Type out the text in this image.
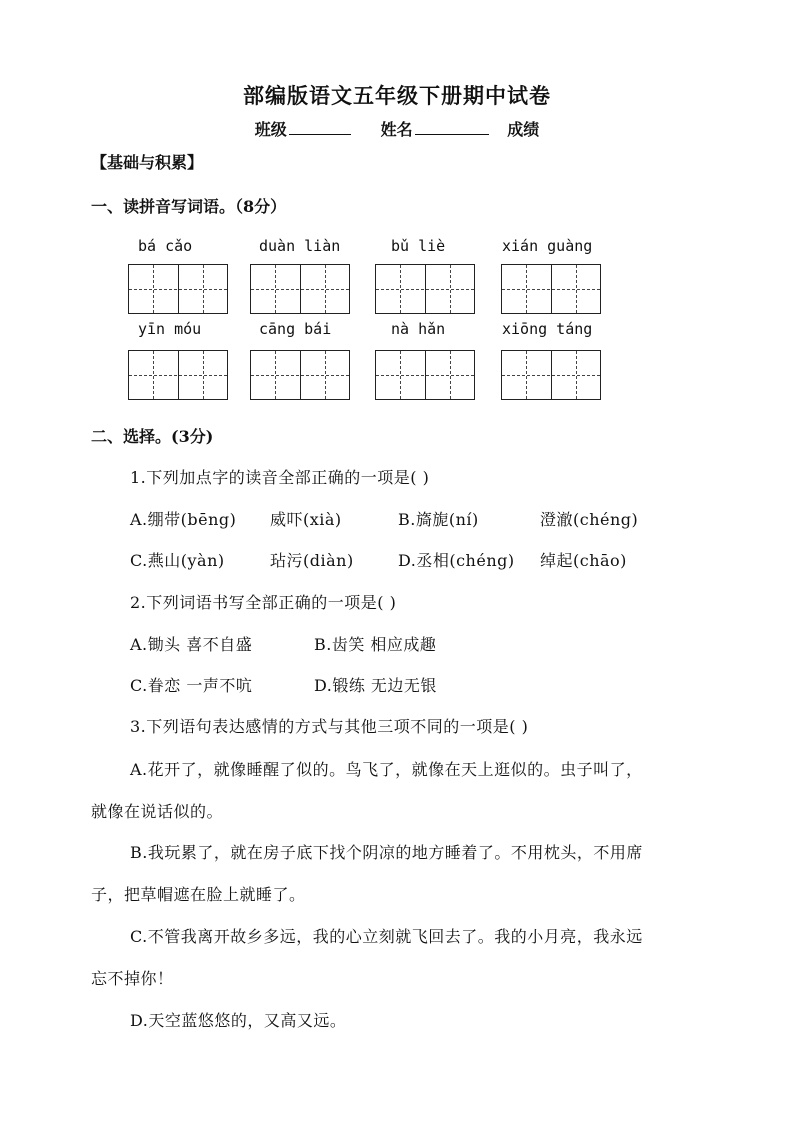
部编版语文五年级下册期中试卷
班级	姓名	成绩
【基础与积累】
一、读拼音写词语。（8分）
bá cǎo	duàn liàn	bǔ liè	xián guàng
yīn móu	cāng bái	nà hǎn	xiōng táng
二、选择。(3分)
1.下列加点字的读音全部正确的一项是( )
A.绷带(bēng) 威吓(xià)	B.旖旎(ní)	澄澈(chéng)
C.燕山(yàn)	玷污(diàn)	D.丞相(chéng) 绰起(chāo)
2.下列词语书写全部正确的一项是( )
A.锄头 喜不自盛	B.齿笑 相应成趣
C.眷恋 一声不吭	D.锻练 无边无银
3.下列语句表达感情的方式与其他三项不同的一项是( )
A.花开了，就像睡醒了似的。鸟飞了，就像在天上逛似的。虫子叫了，
就像在说话似的。
B.我玩累了，就在房子底下找个阴凉的地方睡着了。不用枕头，不用席
子，把草帽遮在脸上就睡了。
C.不管我离开故乡多远，我的心立刻就飞回去了。我的小月亮，我永远
忘不掉你！
D.天空蓝悠悠的，又高又远。
